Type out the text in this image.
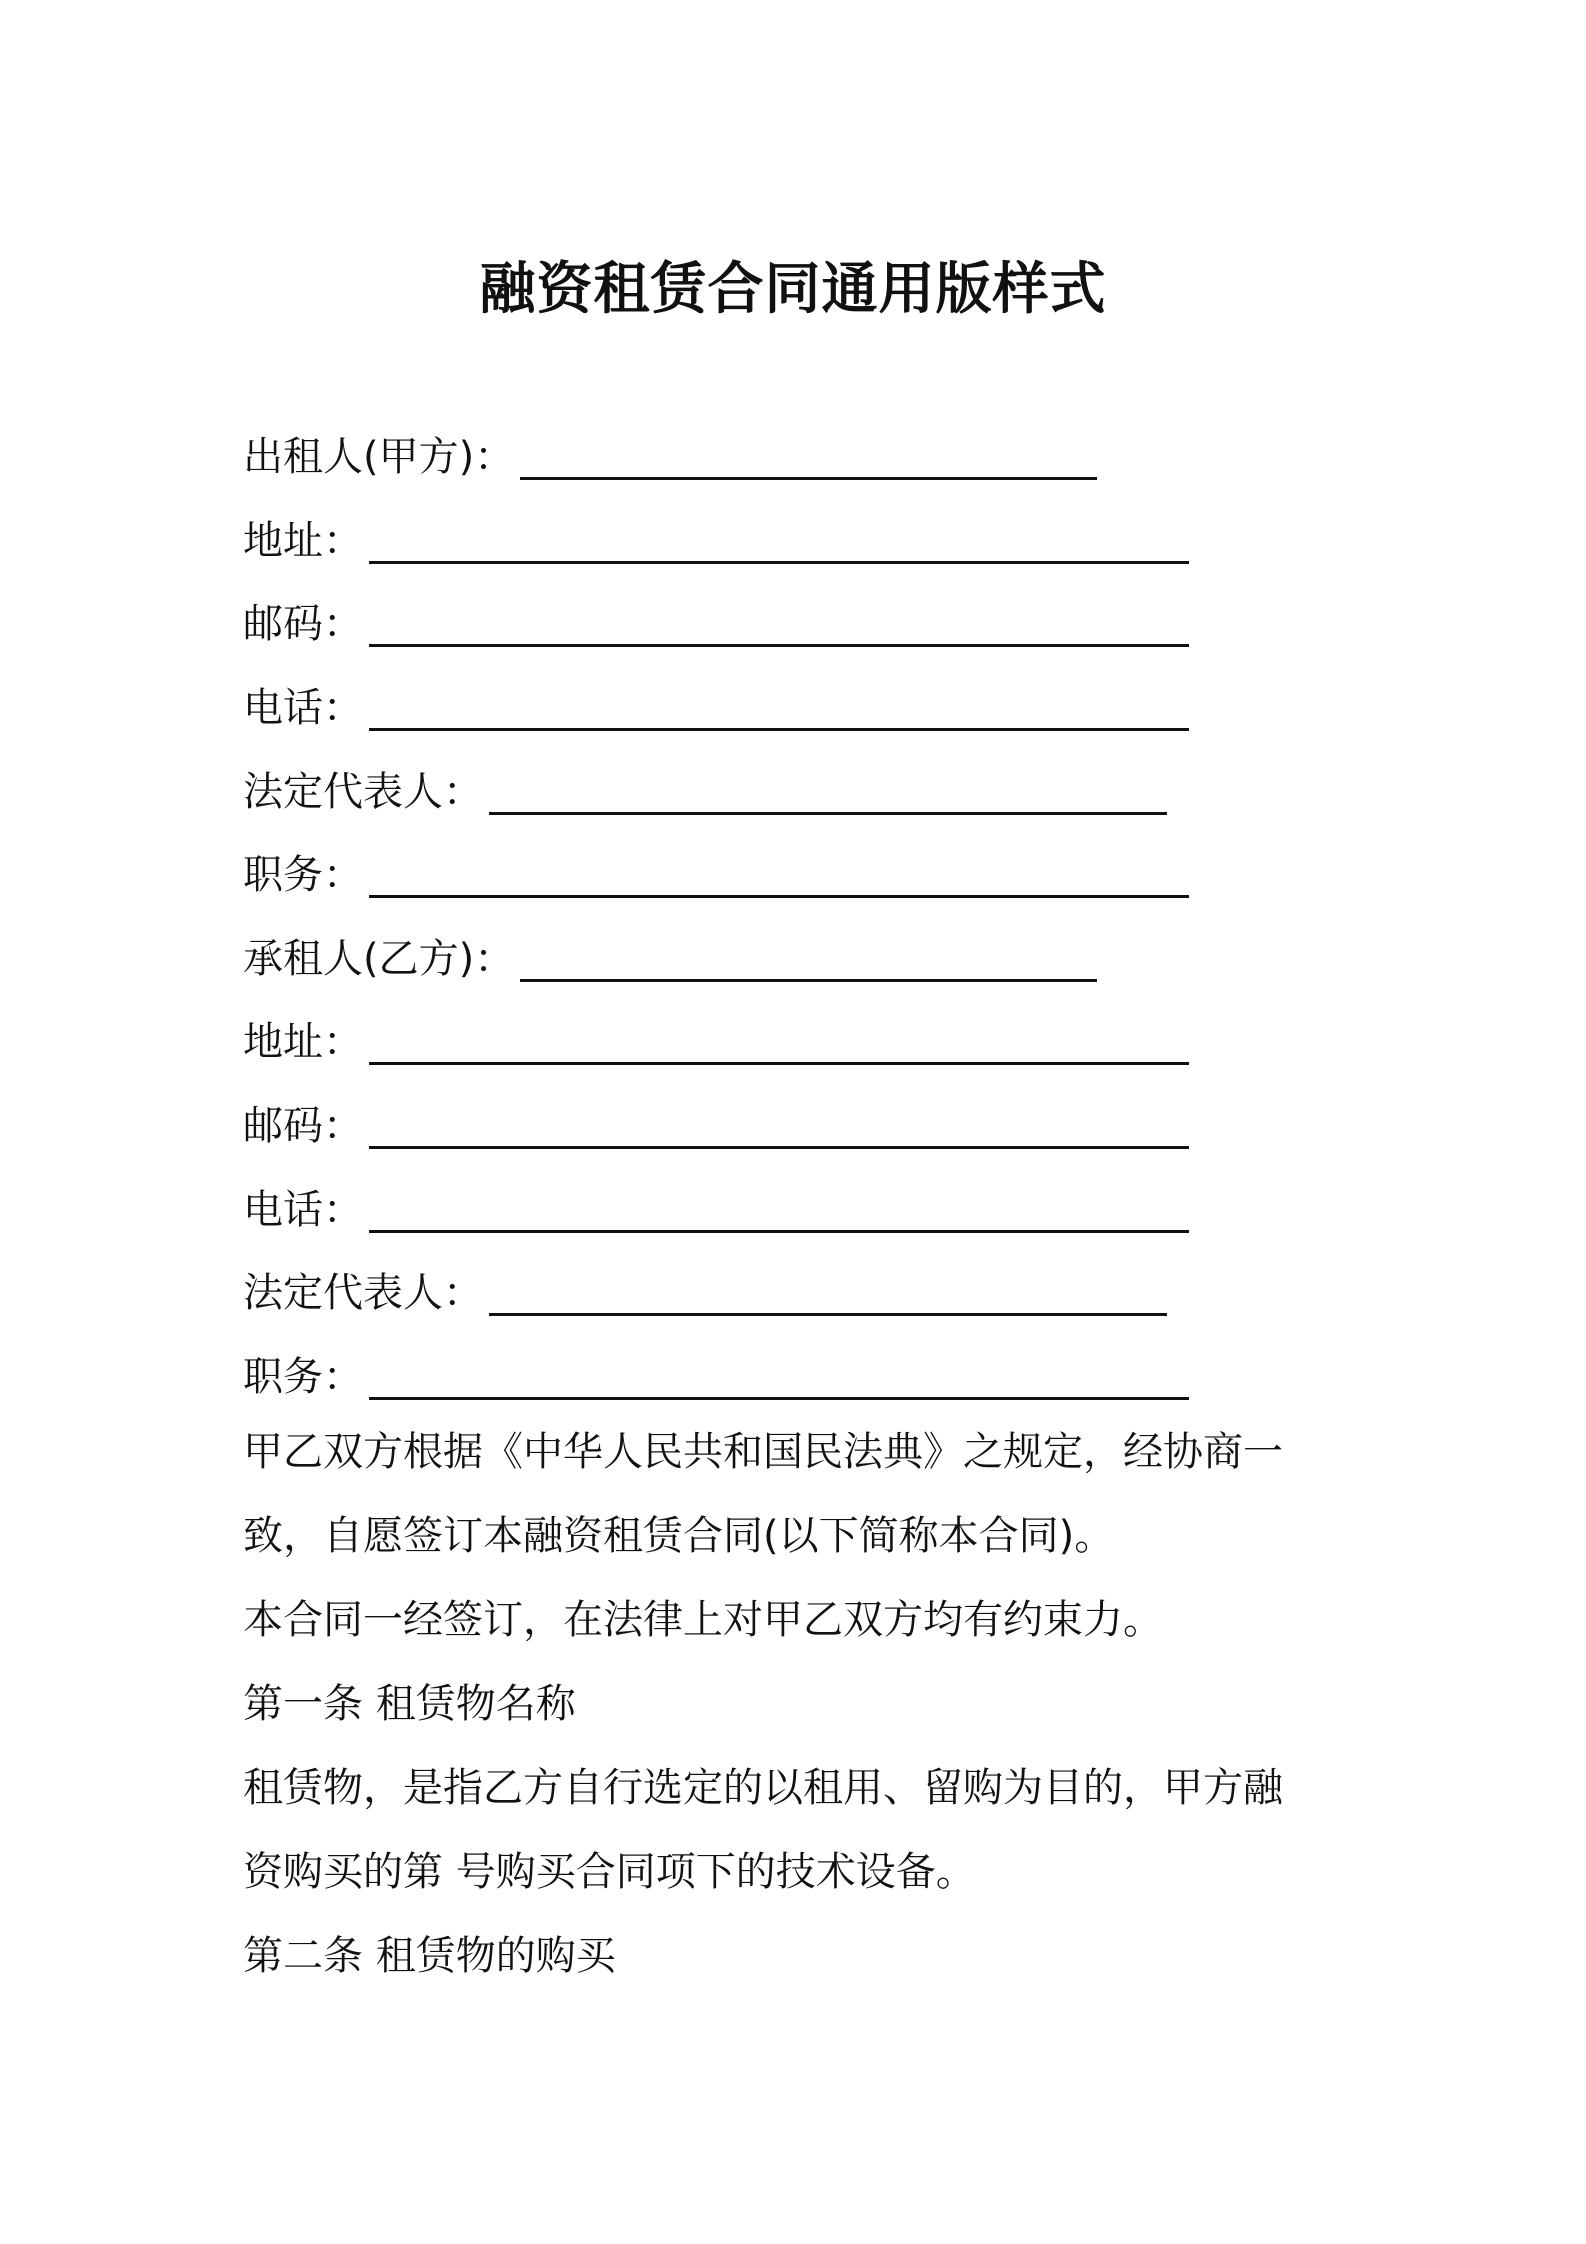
融资租赁合同通用版样式
出租人(甲方)：
地址：
邮码：
电话：
法定代表人：
职务：
承租人(乙方)：
地址：
邮码：
电话：
法定代表人：
职务：

甲乙双方根据《中华人民共和国民法典》之规定，经协商一

致，自愿签订本融资租赁合同(以下简称本合同)。

本合同一经签订，在法律上对甲乙双方均有约束力。

第一条 租赁物名称

租赁物，是指乙方自行选定的以租用、留购为目的，甲方融

资购买的第 号购买合同项下的技术设备。

第二条 租赁物的购买
